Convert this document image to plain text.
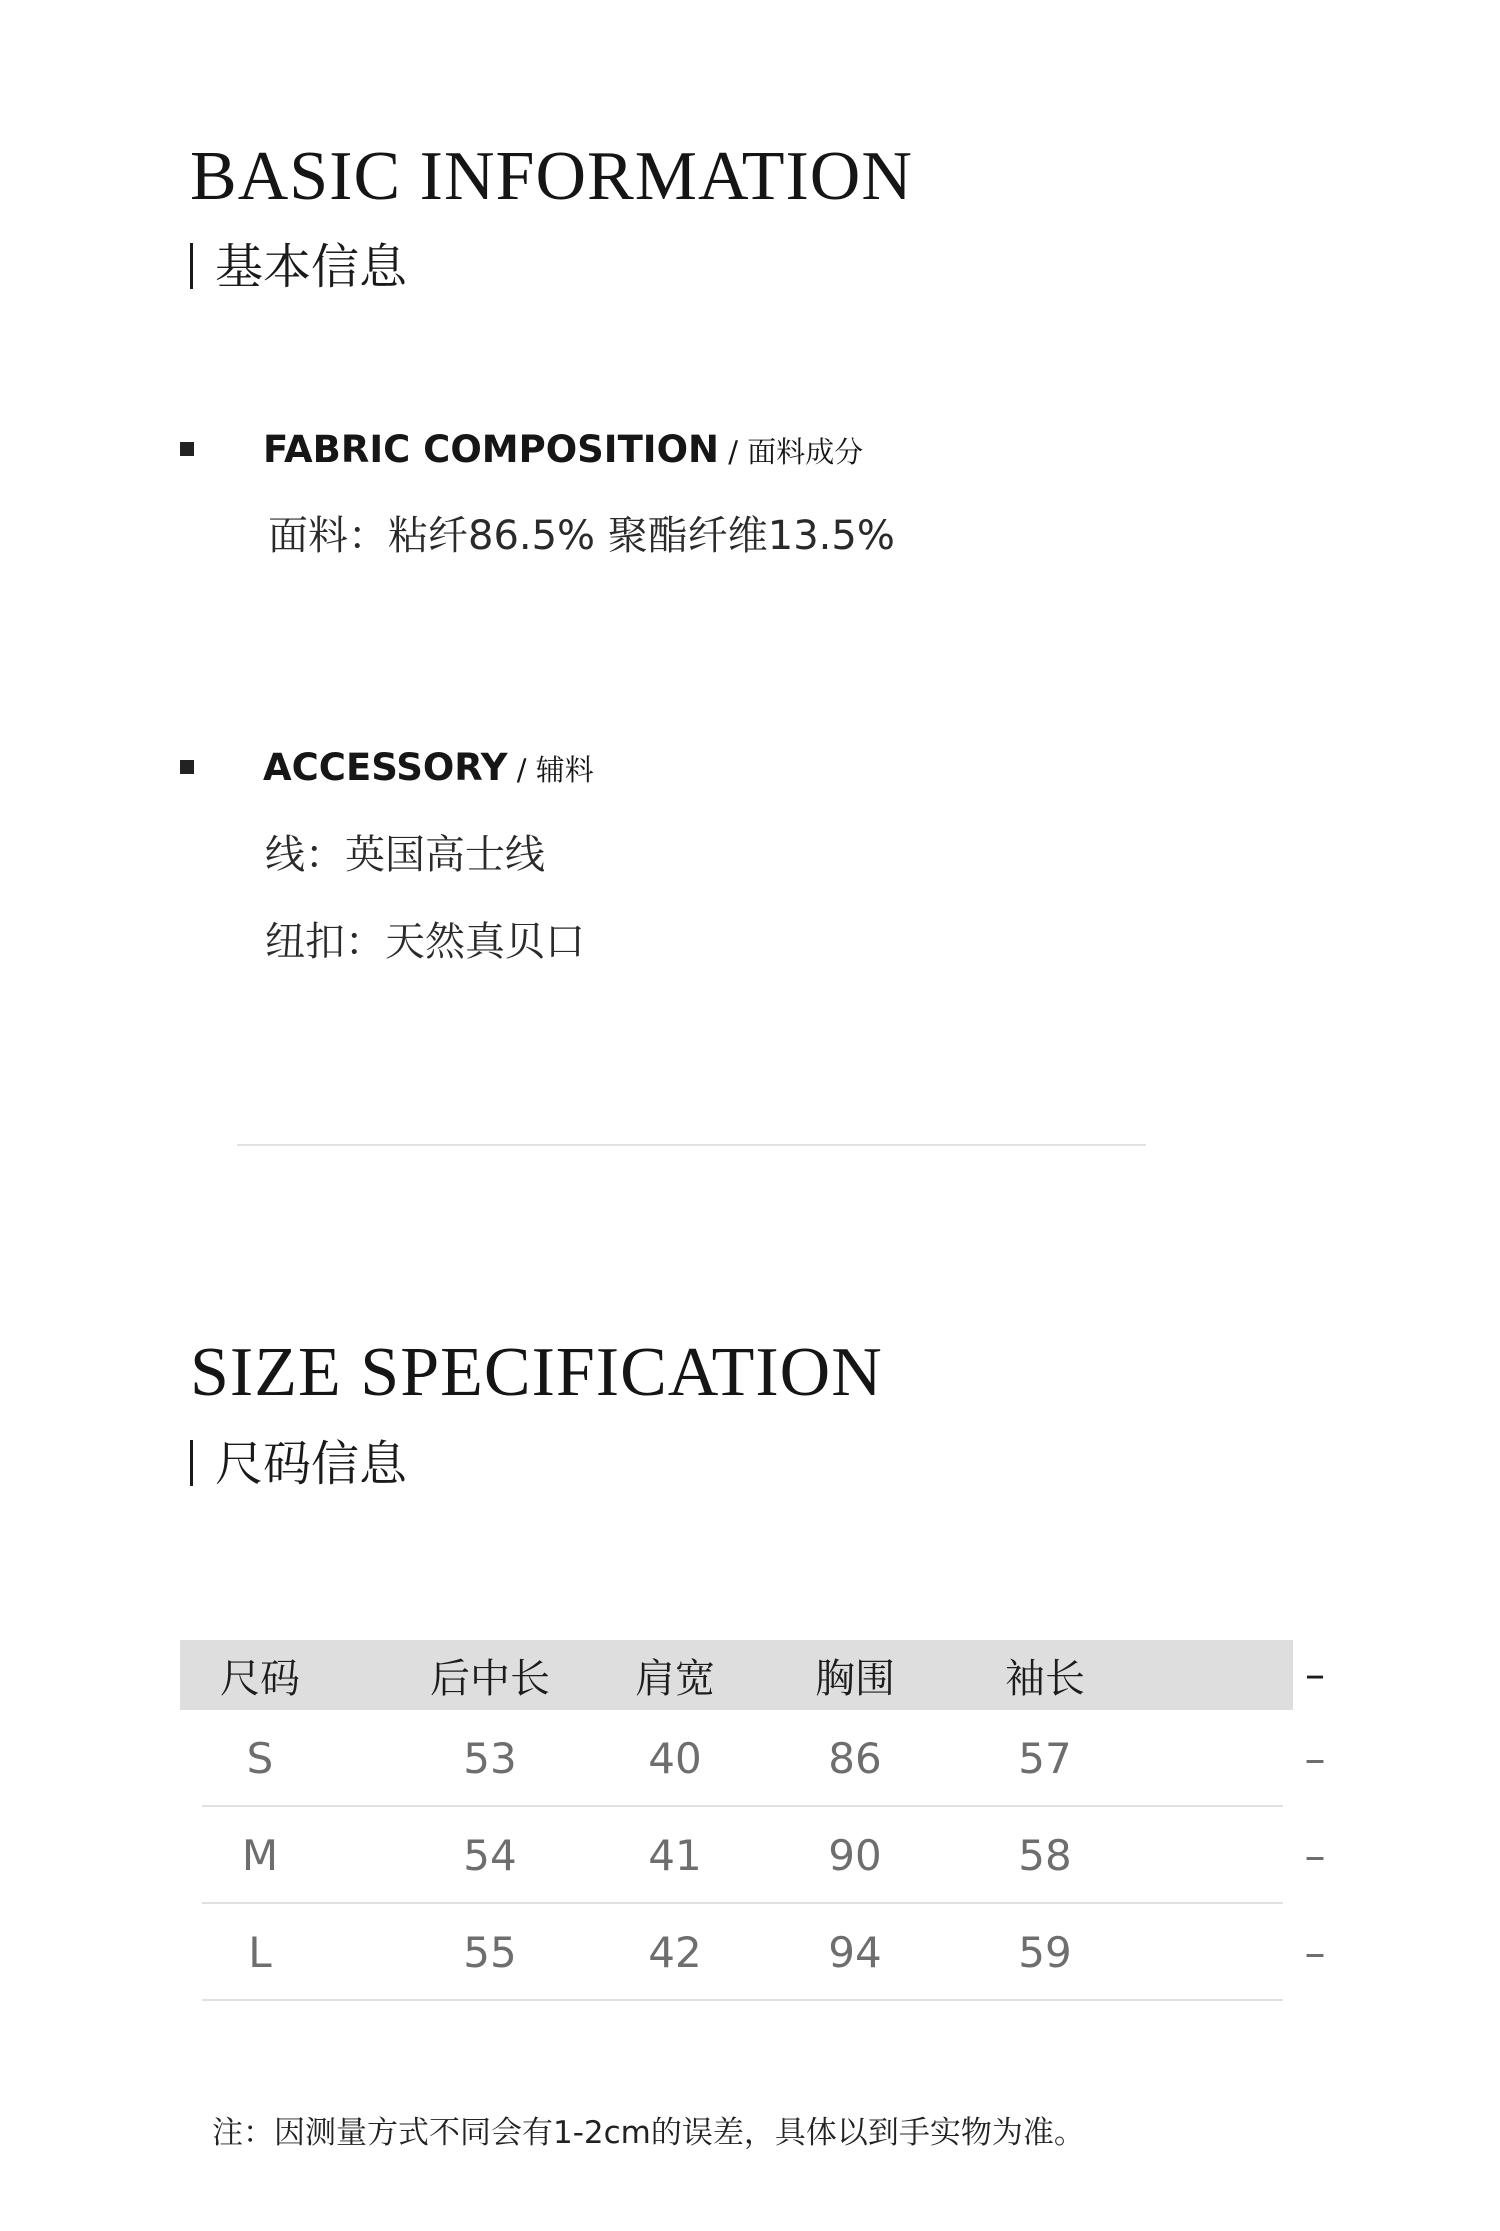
BASIC INFORMATION
基本信息
FABRIC COMPOSITION / 面料成分
面料：粘纤86.5% 聚酯纤维13.5%
ACCESSORY / 辅料
线：英国高士线
纽扣：天然真贝口
SIZE SPECIFICATION
尺码信息
尺码	后中长	肩宽	胸围	袖长	–
S	53	40	86	57	–
M	54	41	90	58	–
L	55	42	94	59	–
注：因测量方式不同会有1-2cm的误差，具体以到手实物为准。
